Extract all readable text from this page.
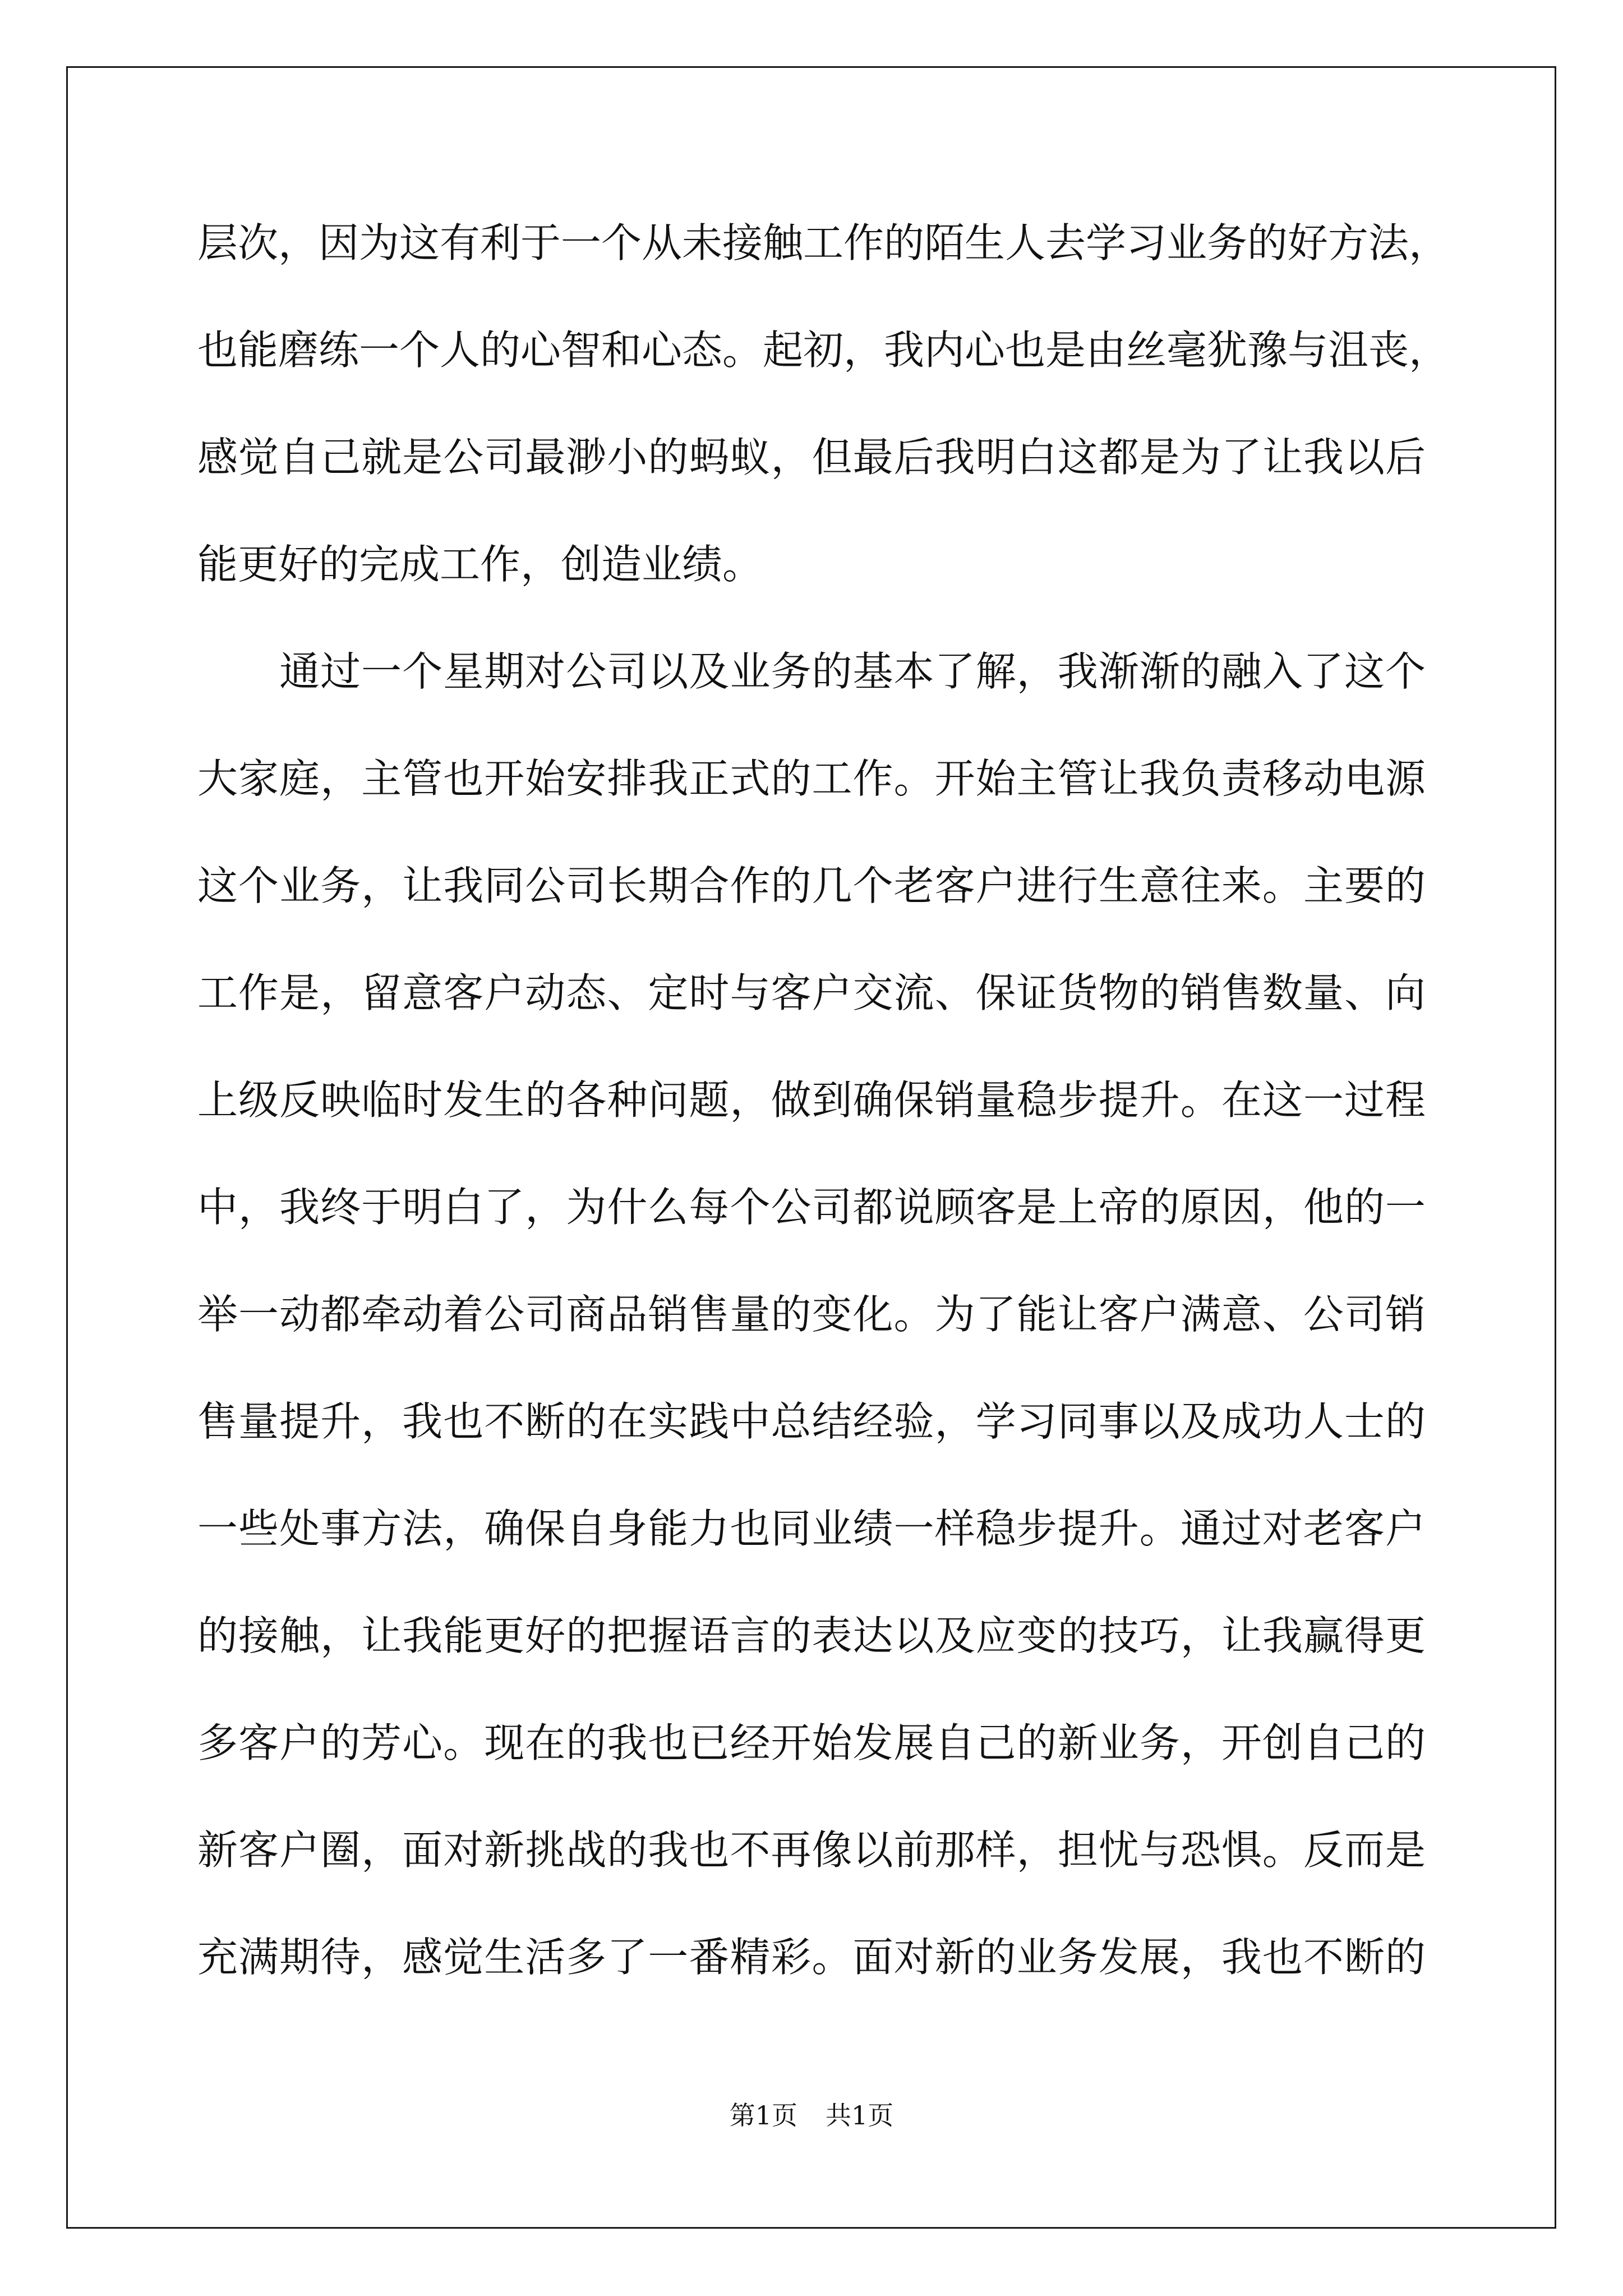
层次，因为这有利于一个从未接触工作的陌生人去学习业务的好方法，
也能磨练一个人的心智和心态。起初，我内心也是由丝毫犹豫与沮丧，
感觉自己就是公司最渺小的蚂蚁，但最后我明白这都是为了让我以后
能更好的完成工作，创造业绩。
　　通过一个星期对公司以及业务的基本了解，我渐渐的融入了这个
大家庭，主管也开始安排我正式的工作。开始主管让我负责移动电源
这个业务，让我同公司长期合作的几个老客户进行生意往来。主要的
工作是，留意客户动态、定时与客户交流、保证货物的销售数量、向
上级反映临时发生的各种问题，做到确保销量稳步提升。在这一过程
中，我终于明白了，为什么每个公司都说顾客是上帝的原因，他的一
举一动都牵动着公司商品销售量的变化。为了能让客户满意、公司销
售量提升，我也不断的在实践中总结经验，学习同事以及成功人士的
一些处事方法，确保自身能力也同业绩一样稳步提升。通过对老客户
的接触，让我能更好的把握语言的表达以及应变的技巧，让我赢得更
多客户的芳心。现在的我也已经开始发展自己的新业务，开创自己的
新客户圈，面对新挑战的我也不再像以前那样，担忧与恐惧。反而是
充满期待，感觉生活多了一番精彩。面对新的业务发展，我也不断的
第1页 共1页
